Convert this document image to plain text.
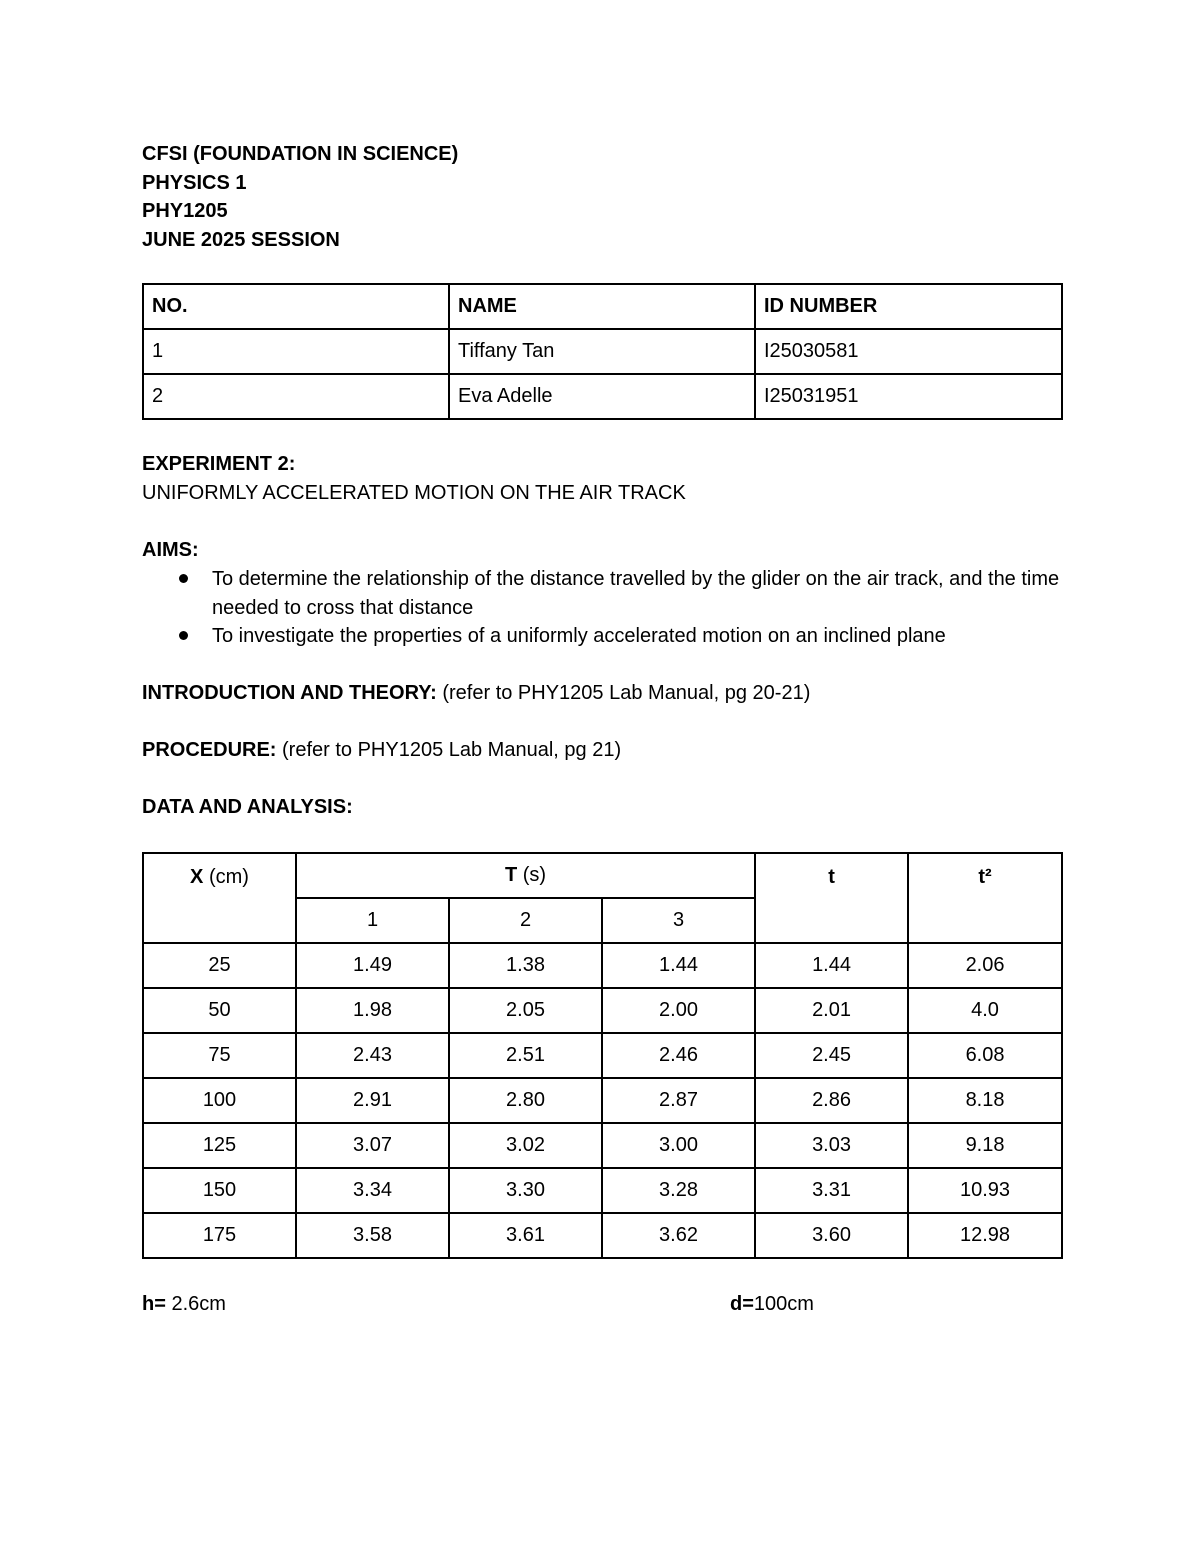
CFSI (FOUNDATION IN SCIENCE)
PHYSICS 1
PHY1205
JUNE 2025 SESSION
NO.	NAME	ID NUMBER
1	Tiffany Tan	I25030581
2	Eva Adelle	I25031951
EXPERIMENT 2:
UNIFORMLY ACCELERATED MOTION ON THE AIR TRACK
AIMS:
To determine the relationship of the distance travelled by the glider on the air track, and the time needed to cross that distance
To investigate the properties of a uniformly accelerated motion on an inclined plane
INTRODUCTION AND THEORY: (refer to PHY1205 Lab Manual, pg 20-21)
PROCEDURE: (refer to PHY1205 Lab Manual, pg 21)
DATA AND ANALYSIS:
X (cm)	T (s)			t	t²
	1	2	3		
25	1.49	1.38	1.44	1.44	2.06
50	1.98	2.05	2.00	2.01	4.0
75	2.43	2.51	2.46	2.45	6.08
100	2.91	2.80	2.87	2.86	8.18
125	3.07	3.02	3.00	3.03	9.18
150	3.34	3.30	3.28	3.31	10.93
175	3.58	3.61	3.62	3.60	12.98
h= 2.6cm	d=100cm
